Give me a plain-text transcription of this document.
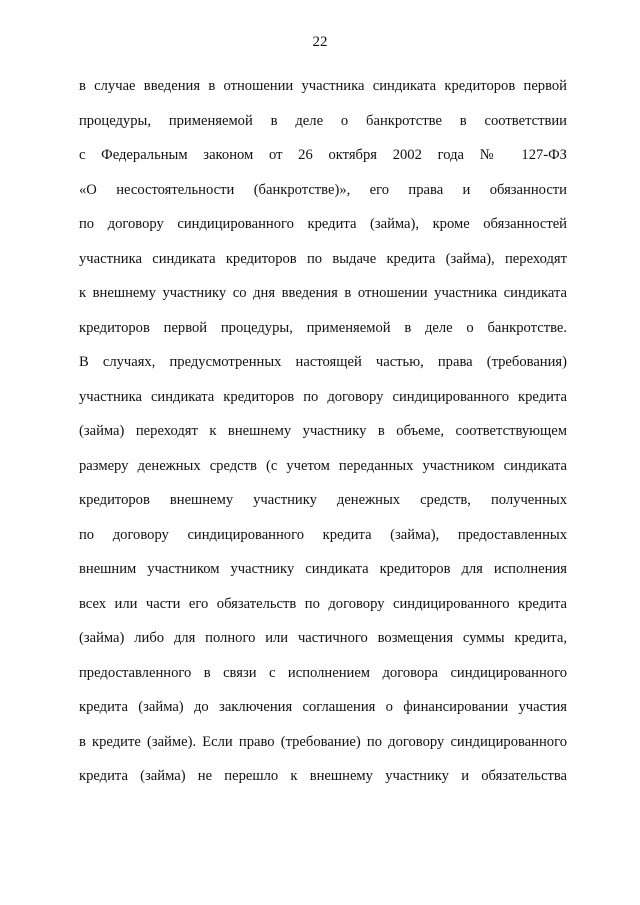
22
в случае введения в отношении участника синдиката кредиторов первой
процедуры, применяемой в деле о банкротстве в соответствии
с Федеральным законом от 26 октября 2002 года № 127-ФЗ
«О несостоятельности (банкротстве)», его права и обязанности
по договору синдицированного кредита (займа), кроме обязанностей
участника синдиката кредиторов по выдаче кредита (займа), переходят
к внешнему участнику со дня введения в отношении участника синдиката
кредиторов первой процедуры, применяемой в деле о банкротстве.
В случаях, предусмотренных настоящей частью, права (требования)
участника синдиката кредиторов по договору синдицированного кредита
(займа) переходят к внешнему участнику в объеме, соответствующем
размеру денежных средств (с учетом переданных участником синдиката
кредиторов внешнему участнику денежных средств, полученных
по договору синдицированного кредита (займа), предоставленных
внешним участником участнику синдиката кредиторов для исполнения
всех или части его обязательств по договору синдицированного кредита
(займа) либо для полного или частичного возмещения суммы кредита,
предоставленного в связи с исполнением договора синдицированного
кредита (займа) до заключения соглашения о финансировании участия
в кредите (займе). Если право (требование) по договору синдицированного
кредита (займа) не перешло к внешнему участнику и обязательства
